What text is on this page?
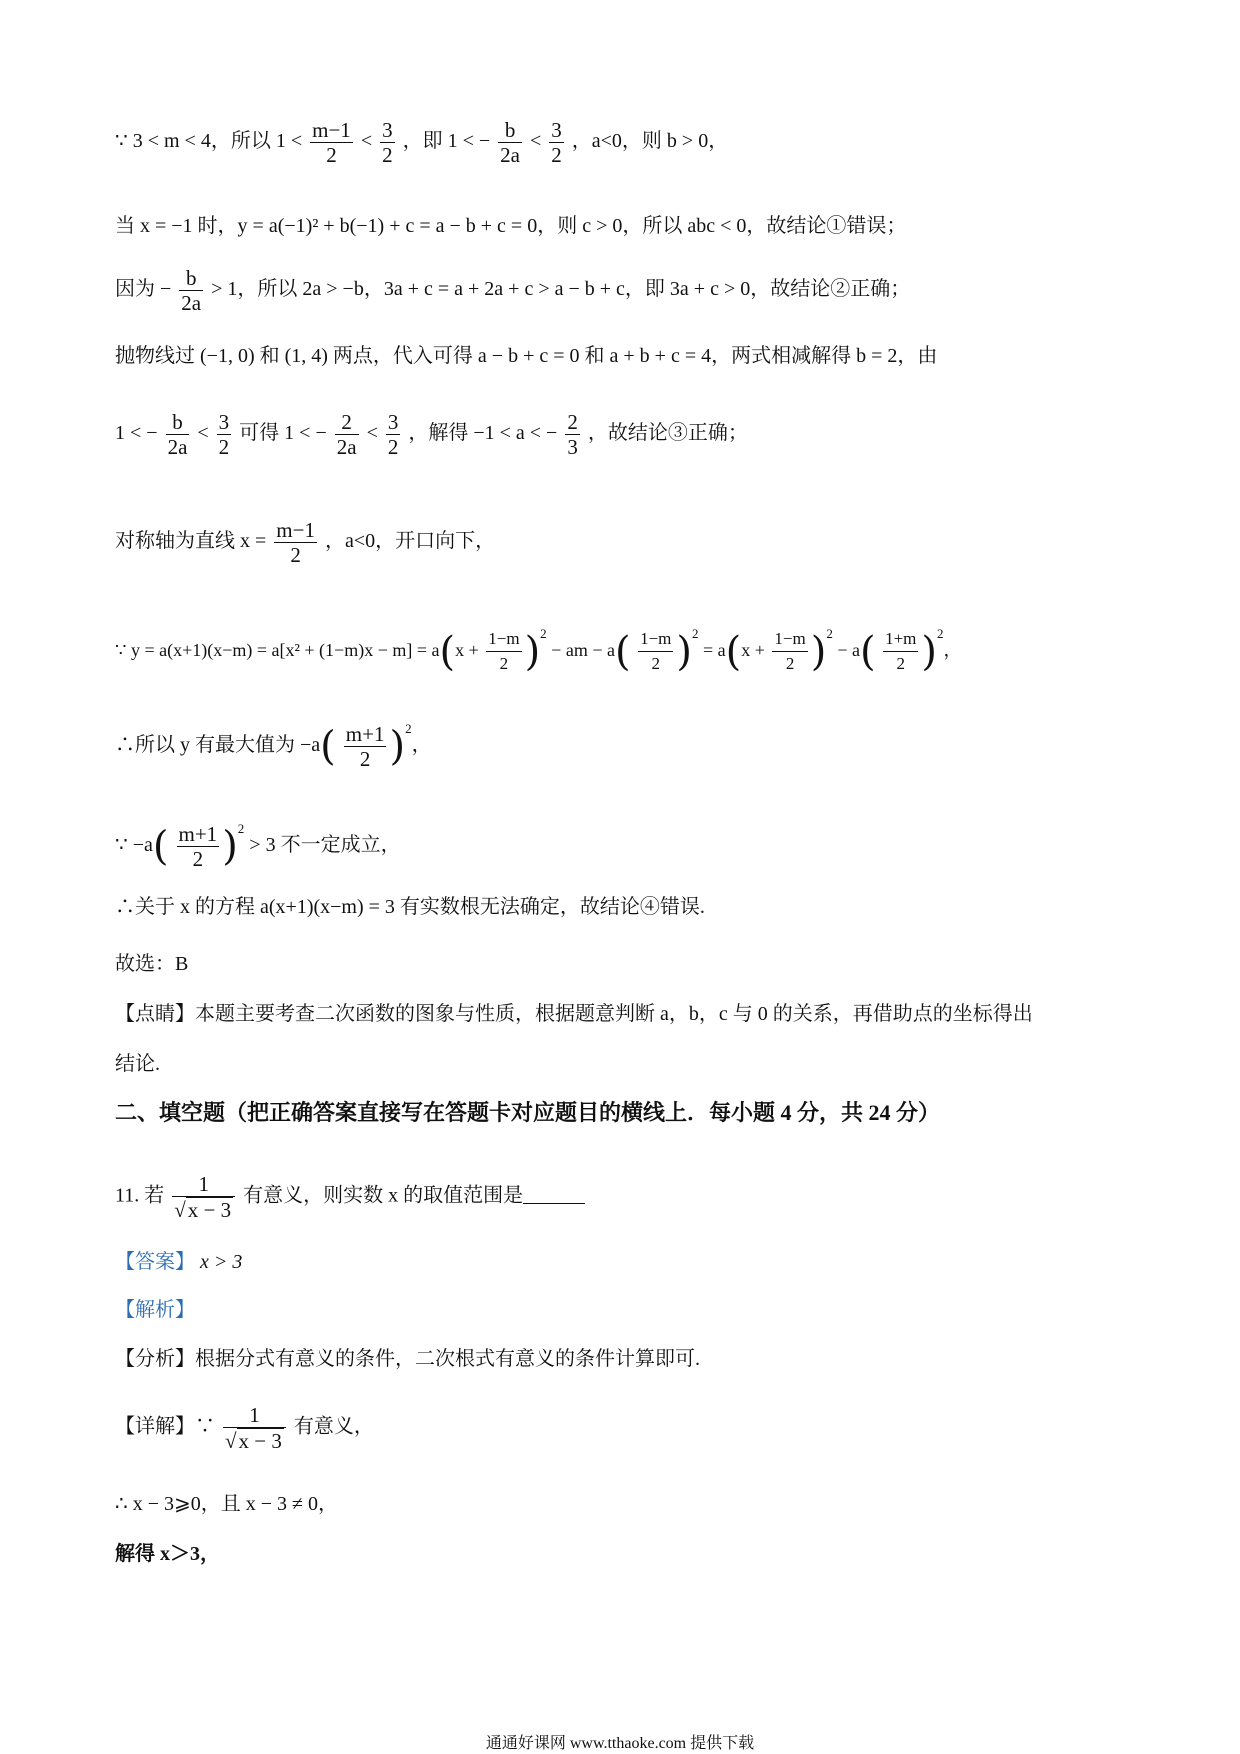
∵ 3 < m < 4，所以 $1 < \frac{m-1}{2} < \frac{3}{2}$ ，即 1 < − $\frac{b}{2a} < \frac{3}{2}$ ，a<0，则 b > 0，
当 x = −1 时，y = a(−1)² + b(−1) + c = a − b + c = 0，则 c > 0，所以 abc < 0，故结论①错误；
因为 − $\frac{b}{2a} > 1$，所以 2a > −b，3a + c = a + 2a + c > a − b + c，即 3a + c > 0，故结论②正确；
抛物线过 (−1, 0) 和 (1, 4) 两点，代入可得 a − b + c = 0 和 a + b + c = 4，两式相减解得 b = 2，由
1 < − $\frac{b}{2a} < \frac{3}{2}$ 可得 1 < − $\frac{2}{2a} < \frac{3}{2}$ ，解得 −1 < a < − $\frac{2}{3}$ ，故结论③正确；
对称轴为直线 $x = \frac{m-1}{2}$ ，a<0，开口向下，
∵ $y = a(x+1)(x-m) = a[x^2 + (1-m)x - m] = a(x + \frac{1-m}{2} )^2$ − am − $a( \frac{1-m}{2} )^2 = a(x + \frac{1-m}{2} )^2 - a( \frac{1+m}{2} )^2$，
∴所以 y 有最大值为 $-a( \frac{m+1}{2} )^2$，
∵ $-a( \frac{m+1}{2} )^2 > 3$ 不一定成立，
∴关于 x 的方程 a(x+1)(x−m) = 3 有实数根无法确定，故结论④错误.
故选：B
【点睛】本题主要考查二次函数的图象与性质，根据题意判断 a，b，c 与 0 的关系，再借助点的坐标得出
结论.
二、填空题（把正确答案直接写在答题卡对应题目的横线上．每小题 4 分，共 24 分）
11. 若 $\frac{1}{√x - 3}$ 有意义，则实数 x 的取值范围是
【答案】 x > 3
【解析】
【分析】根据分式有意义的条件，二次根式有意义的条件计算即可.
【详解】∵ $\frac{1}{√x - 3}$ 有意义，
∴ x − 3⩾0，且 x − 3 ≠ 0，
解得 x＞3，
通通好课网 www.tthaoke.com 提供下载
